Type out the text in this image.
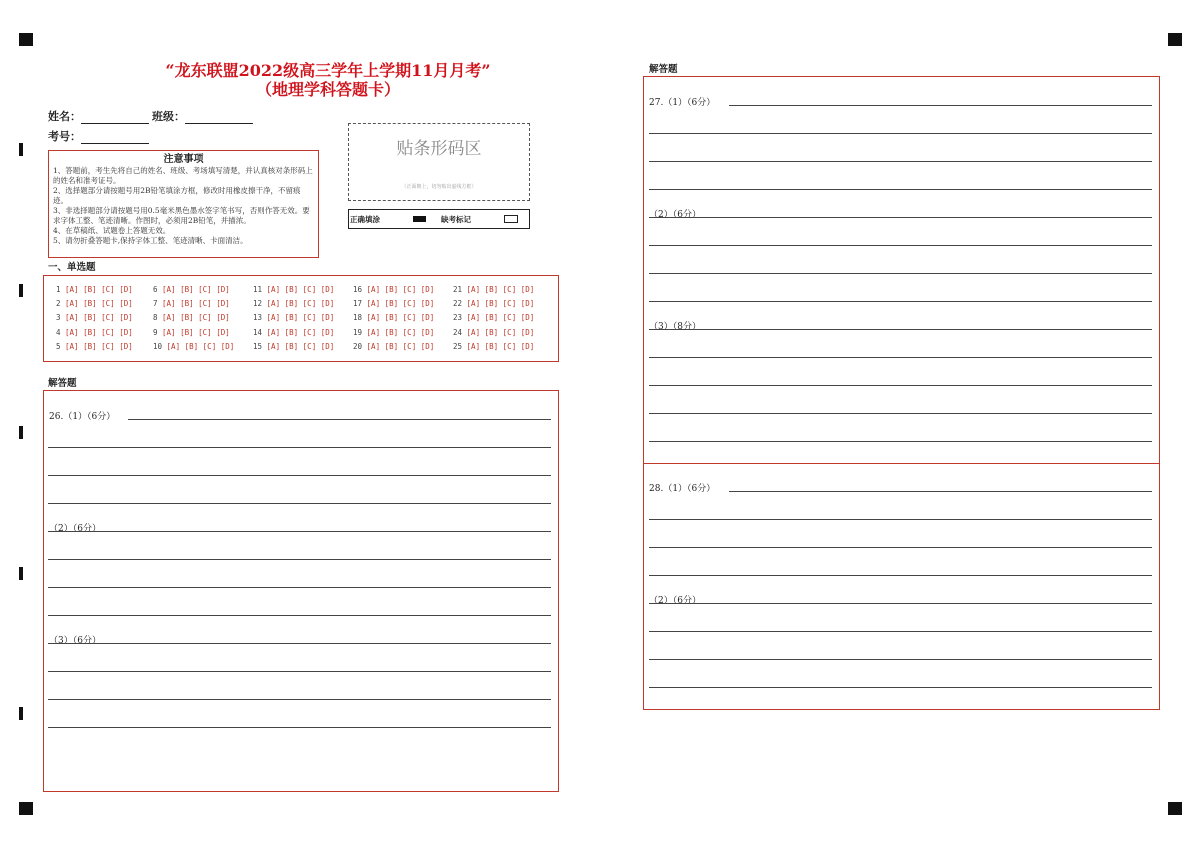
“龙东联盟2022级高三学年上学期11月月考”
（地理学科答题卡）
姓名：	班级：
考号：
注意事项
1、答题前，考生先将自己的姓名、班级、考场填写清楚，并认真核对条形码上的姓名和准考证号。
2、选择题部分请按题号用2B铅笔填涂方框，修改时用橡皮擦干净，不留痕迹。
3、非选择题部分请按题号用0.5毫米黑色墨水签字笔书写，否则作答无效。要求字体工整、笔迹清晰。作图时，必须用2B铅笔，并描浓。
4、在草稿纸、试题卷上答题无效。
5、请勿折叠答题卡,保持字体工整、笔迹清晰、卡面清洁。
贴条形码区
（正面朝上，切勿贴出虚线方框）
正确填涂	缺考标记
一、单选题
1 [A] [B] [C] [D]
2 [A] [B] [C] [D]
3 [A] [B] [C] [D]
4 [A] [B] [C] [D]
5 [A] [B] [C] [D]
6 [A] [B] [C] [D]
7 [A] [B] [C] [D]
8 [A] [B] [C] [D]
9 [A] [B] [C] [D]
10 [A] [B] [C] [D]
11 [A] [B] [C] [D]
12 [A] [B] [C] [D]
13 [A] [B] [C] [D]
14 [A] [B] [C] [D]
15 [A] [B] [C] [D]
16 [A] [B] [C] [D]
17 [A] [B] [C] [D]
18 [A] [B] [C] [D]
19 [A] [B] [C] [D]
20 [A] [B] [C] [D]
21 [A] [B] [C] [D]
22 [A] [B] [C] [D]
23 [A] [B] [C] [D]
24 [A] [B] [C] [D]
25 [A] [B] [C] [D]
解答题
26.（1）（6分）
（2）（6分）
（3）（6分）
解答题
27.（1）（6分）
（2）（6分）
（3）（8分）
28.（1）（6分）
（2）（6分）
